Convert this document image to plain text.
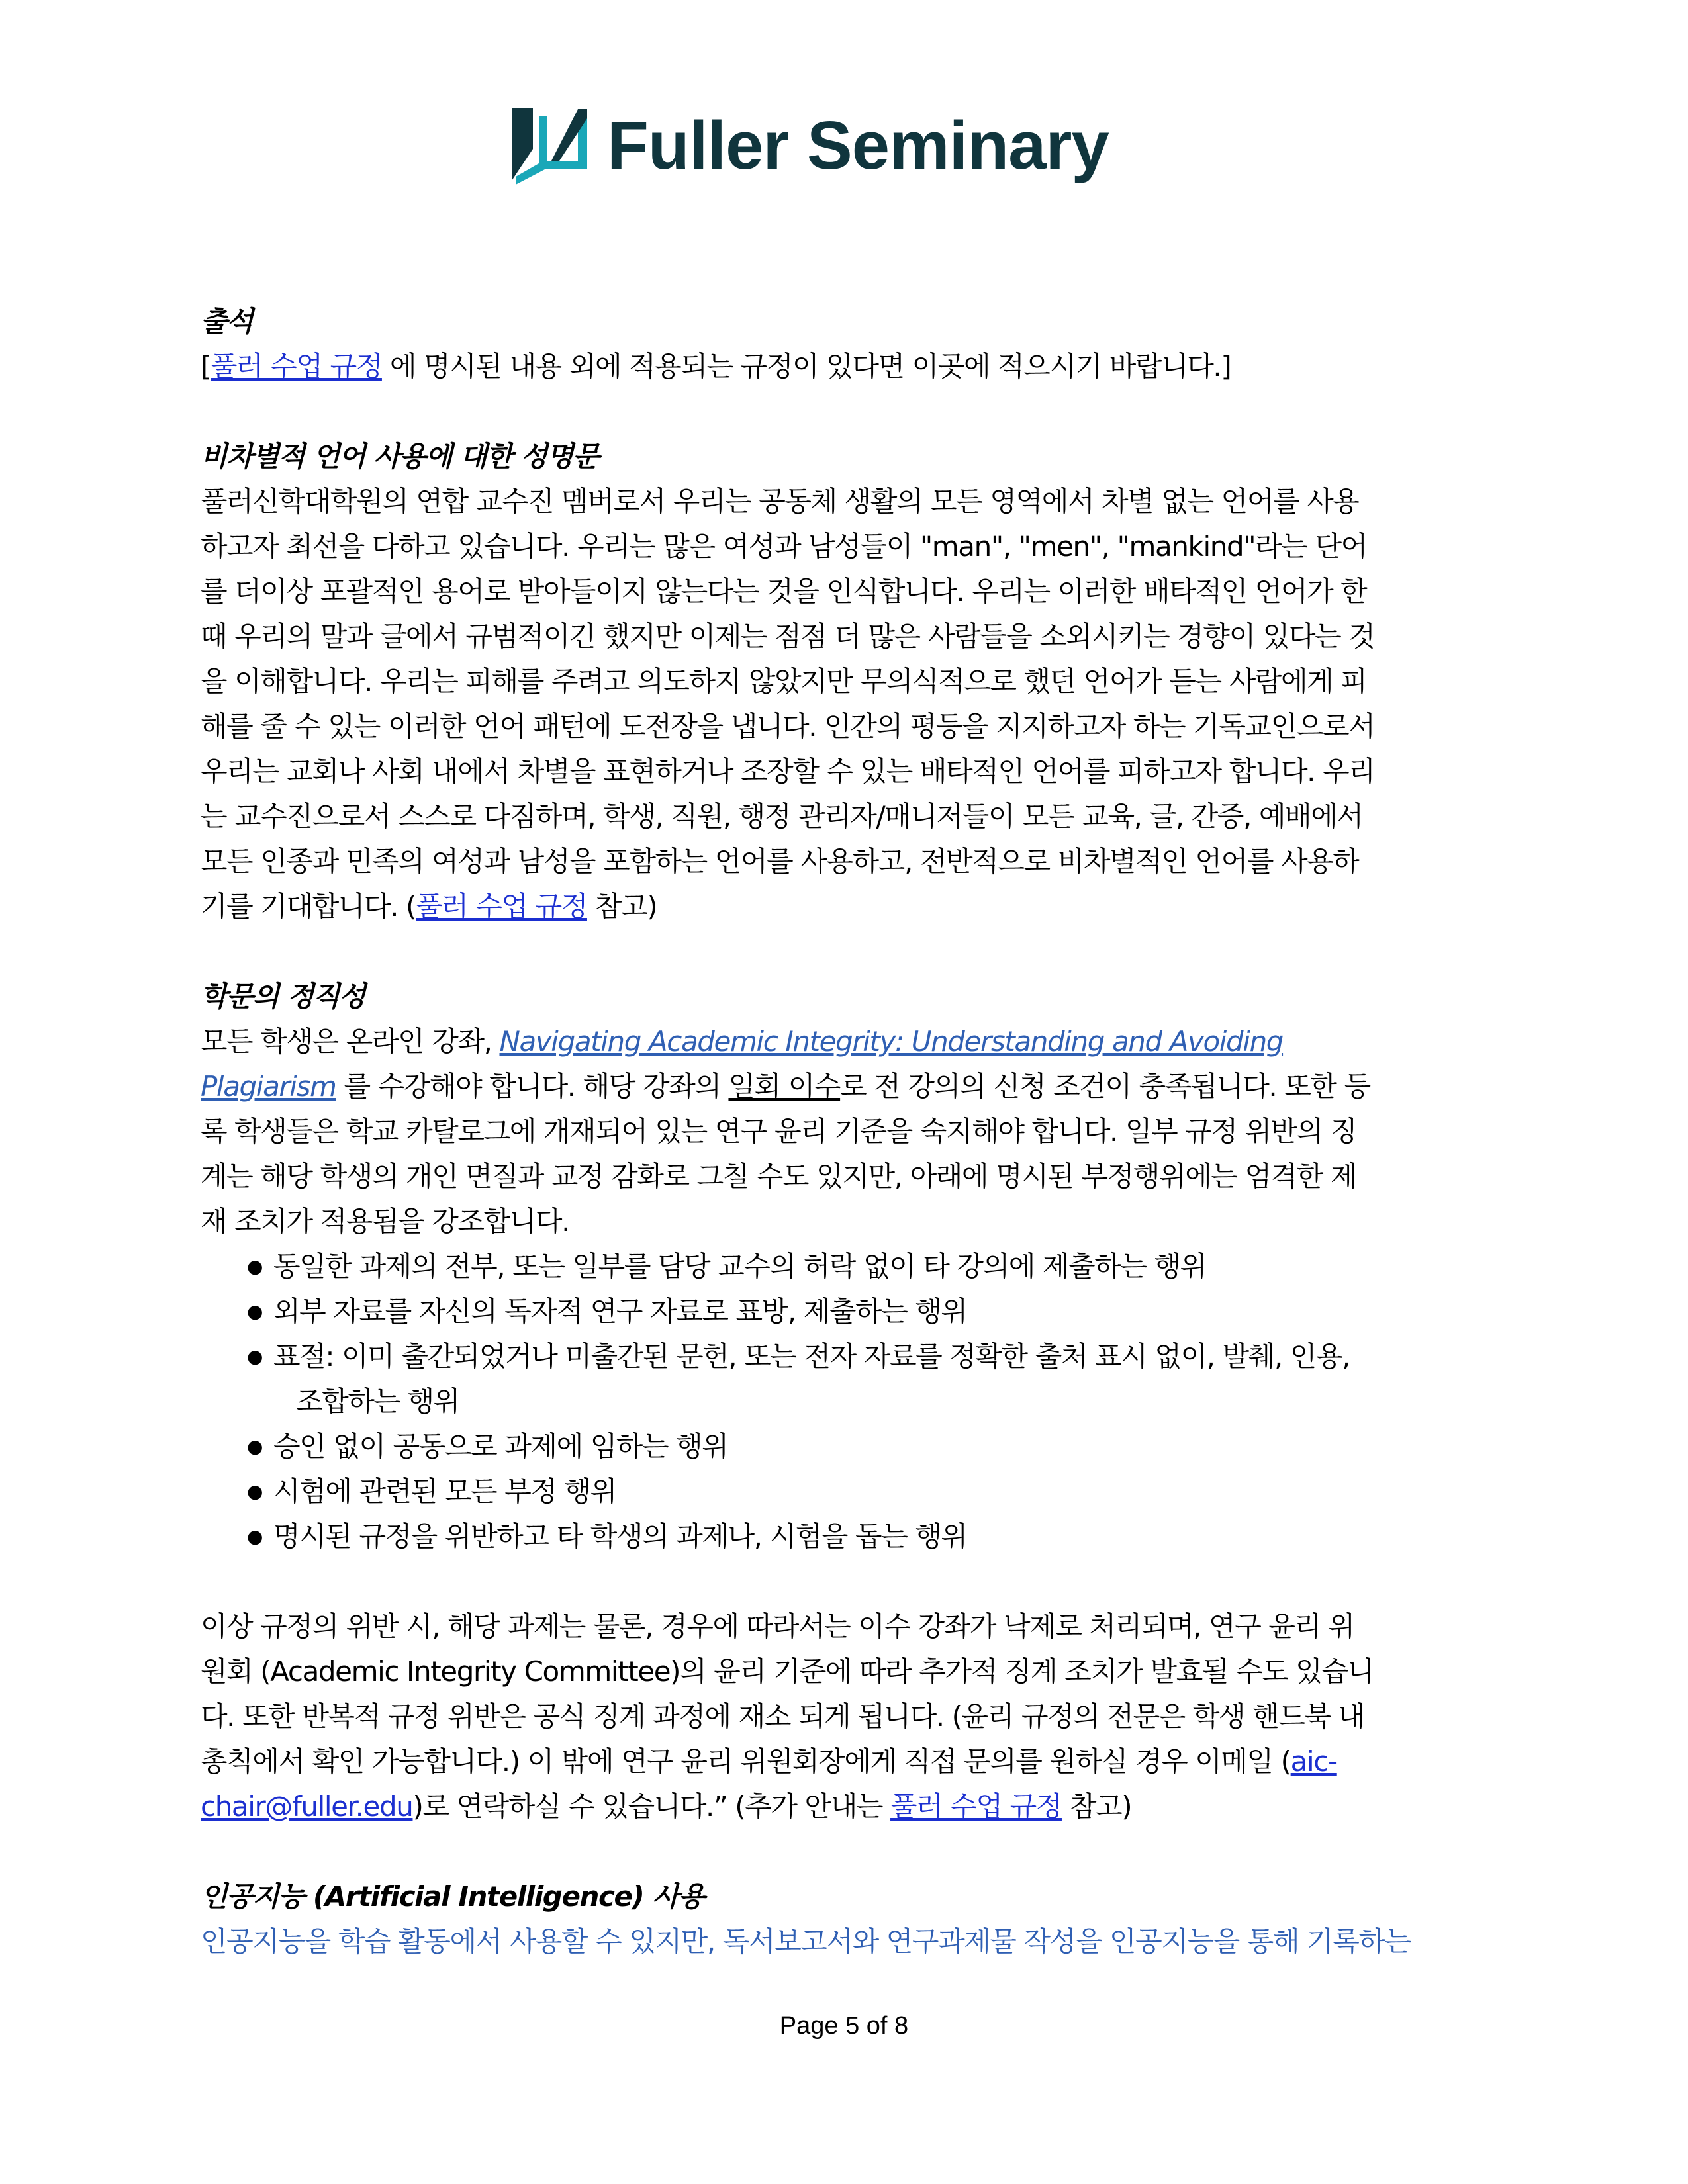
Fuller Seminary

출석

[풀러 수업 규정 에 명시된 내용 외에 적용되는 규정이 있다면 이곳에 적으시기 바랍니다.]

비차별적 언어 사용에 대한 성명문

풀러신학대학원의 연합 교수진 멤버로서 우리는 공동체 생활의 모든 영역에서 차별 없는 언어를 사용

하고자 최선을 다하고 있습니다. 우리는 많은 여성과 남성들이 "man", "men", "mankind"라는 단어

를 더이상 포괄적인 용어로 받아들이지 않는다는 것을 인식합니다. 우리는 이러한 배타적인 언어가 한

때 우리의 말과 글에서 규범적이긴 했지만 이제는 점점 더 많은 사람들을 소외시키는 경향이 있다는 것

을 이해합니다. 우리는 피해를 주려고 의도하지 않았지만 무의식적으로 했던 언어가 듣는 사람에게 피

해를 줄 수 있는 이러한 언어 패턴에 도전장을 냅니다. 인간의 평등을 지지하고자 하는 기독교인으로서

우리는 교회나 사회 내에서 차별을 표현하거나 조장할 수 있는 배타적인 언어를 피하고자 합니다. 우리

는 교수진으로서 스스로 다짐하며, 학생, 직원, 행정 관리자/매니저들이 모든 교육, 글, 간증, 예배에서

모든 인종과 민족의 여성과 남성을 포함하는 언어를 사용하고, 전반적으로 비차별적인 언어를 사용하

기를 기대합니다. (풀러 수업 규정 참고)

학문의 정직성

모든 학생은 온라인 강좌, Navigating Academic Integrity: Understanding and Avoiding

Plagiarism 를 수강해야 합니다. 해당 강좌의 일회 이수로 전 강의의 신청 조건이 충족됩니다. 또한 등

록 학생들은 학교 카탈로그에 개재되어 있는 연구 윤리 기준을 숙지해야 합니다. 일부 규정 위반의 징

계는 해당 학생의 개인 면질과 교정 감화로 그칠 수도 있지만, 아래에 명시된 부정행위에는 엄격한 제

재 조치가 적용됨을 강조합니다.

● 동일한 과제의 전부, 또는 일부를 담당 교수의 허락 없이 타 강의에 제출하는 행위
● 외부 자료를 자신의 독자적 연구 자료로 표방, 제출하는 행위
● 표절: 이미 출간되었거나 미출간된 문헌, 또는 전자 자료를 정확한 출처 표시 없이, 발췌, 인용,
조합하는 행위
● 승인 없이 공동으로 과제에 임하는 행위
● 시험에 관련된 모든 부정 행위
● 명시된 규정을 위반하고 타 학생의 과제나, 시험을 돕는 행위

이상 규정의 위반 시, 해당 과제는 물론, 경우에 따라서는 이수 강좌가 낙제로 처리되며, 연구 윤리 위

원회 (Academic Integrity Committee)의 윤리 기준에 따라 추가적 징계 조치가 발효될 수도 있습니

다. 또한 반복적 규정 위반은 공식 징계 과정에 재소 되게 됩니다. (윤리 규정의 전문은 학생 핸드북 내

총칙에서 확인 가능합니다.) 이 밖에 연구 윤리 위원회장에게 직접 문의를 원하실 경우 이메일 (aic-

chair@fuller.edu)로 연락하실 수 있습니다.” (추가 안내는 풀러 수업 규정 참고)

인공지능 (Artificial Intelligence) 사용

인공지능을 학습 활동에서 사용할 수 있지만, 독서보고서와 연구과제물 작성을 인공지능을 통해 기록하는

Page 5 of 8
